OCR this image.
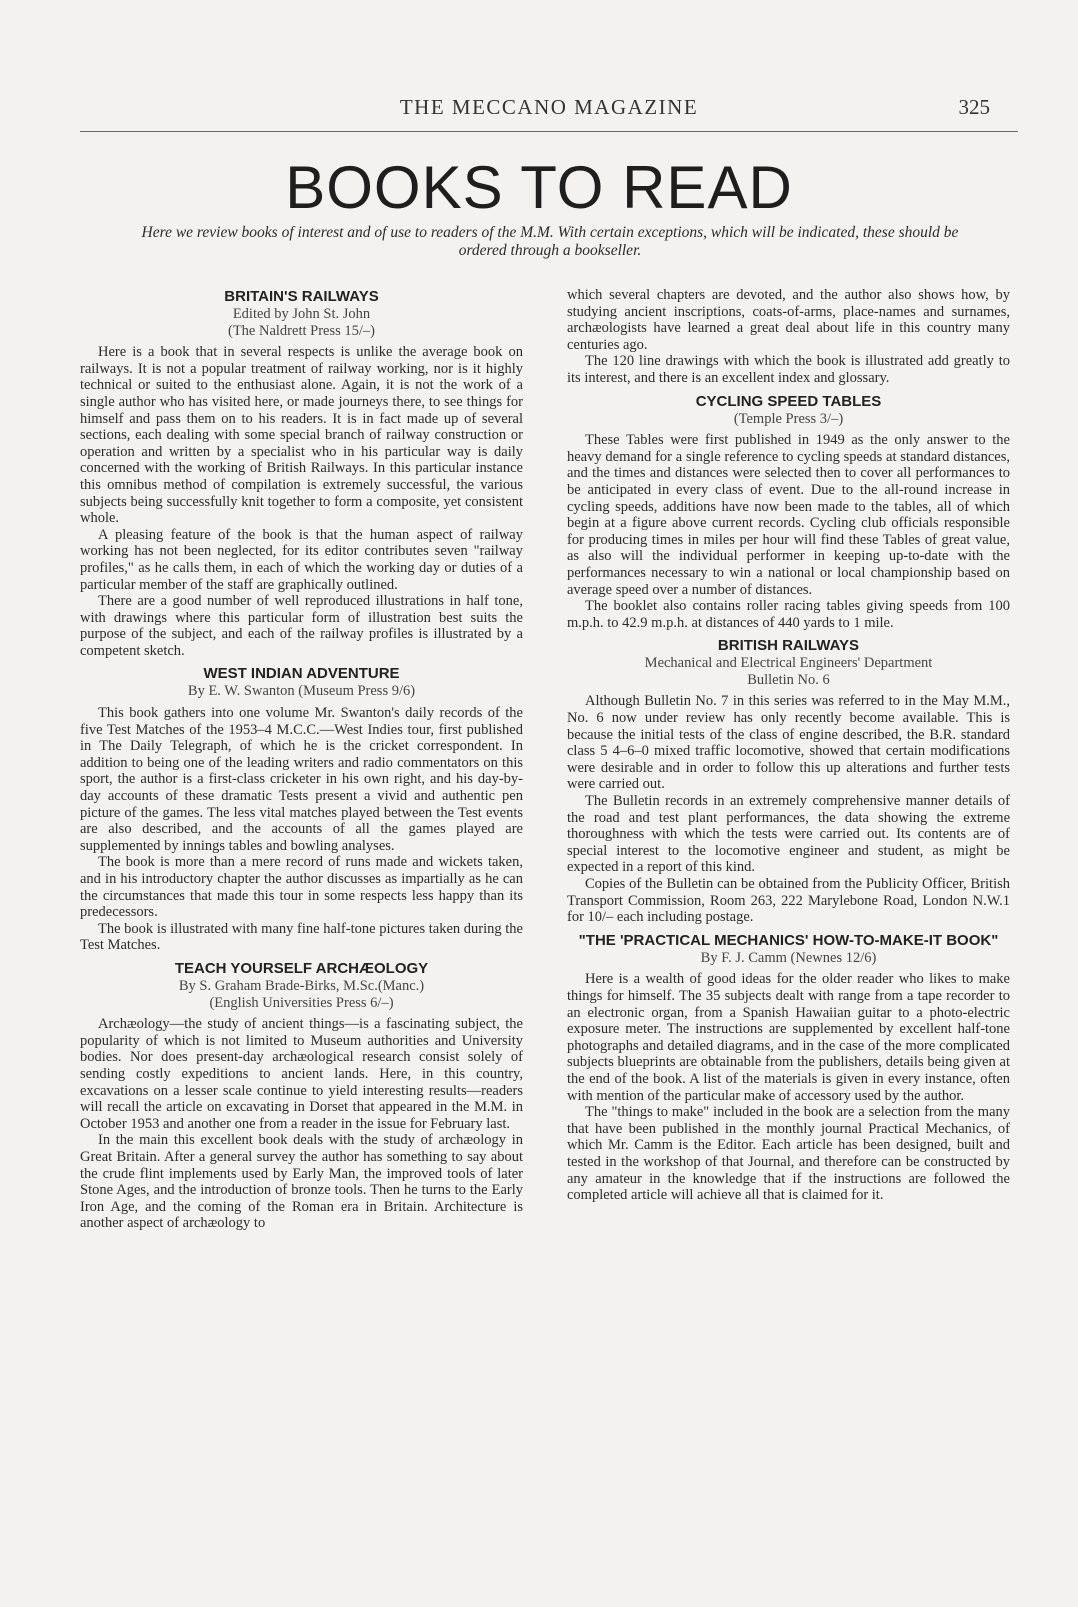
THE MECCANO MAGAZINE	325
BOOKS TO READ
Here we review books of interest and of use to readers of the M.M. With certain exceptions, which will be indicated, these should be ordered through a bookseller.
BRITAIN'S RAILWAYS
Edited by John St. John
(The Naldrett Press 15/–)

Here is a book that in several respects is unlike the average book on railways. It is not a popular treatment of railway working, nor is it highly technical or suited to the enthusiast alone. Again, it is not the work of a single author who has visited here, or made journeys there, to see things for himself and pass them on to his readers. It is in fact made up of several sections, each dealing with some special branch of railway construction or operation and written by a specialist who in his particular way is daily concerned with the working of British Railways. In this particular instance this omnibus method of compilation is extremely successful, the various subjects being successfully knit together to form a composite, yet consistent whole.

A pleasing feature of the book is that the human aspect of railway working has not been neglected, for its editor contributes seven "railway profiles," as he calls them, in each of which the working day or duties of a particular member of the staff are graphically outlined.

There are a good number of well reproduced illustrations in half tone, with drawings where this particular form of illustration best suits the purpose of the subject, and each of the railway profiles is illustrated by a competent sketch.

WEST INDIAN ADVENTURE
By E. W. Swanton (Museum Press 9/6)

This book gathers into one volume Mr. Swanton's daily records of the five Test Matches of the 1953–4 M.C.C.—West Indies tour, first published in The Daily Telegraph, of which he is the cricket correspondent. In addition to being one of the leading writers and radio commentators on this sport, the author is a first-class cricketer in his own right, and his day-by-day accounts of these dramatic Tests present a vivid and authentic pen picture of the games. The less vital matches played between the Test events are also described, and the accounts of all the games played are supplemented by innings tables and bowling analyses.

The book is more than a mere record of runs made and wickets taken, and in his introductory chapter the author discusses as impartially as he can the circumstances that made this tour in some respects less happy than its predecessors.

The book is illustrated with many fine half-tone pictures taken during the Test Matches.

TEACH YOURSELF ARCHÆOLOGY
By S. Graham Brade-Birks, M.Sc.(Manc.)
(English Universities Press 6/–)

Archæology—the study of ancient things—is a fascinating subject, the popularity of which is not limited to Museum authorities and University bodies. Nor does present-day archæological research consist solely of sending costly expeditions to ancient lands. Here, in this country, excavations on a lesser scale continue to yield interesting results—readers will recall the article on excavating in Dorset that appeared in the M.M. in October 1953 and another one from a reader in the issue for February last.

In the main this excellent book deals with the study of archæology in Great Britain. After a general survey the author has something to say about the crude flint implements used by Early Man, the improved tools of later Stone Ages, and the introduction of bronze tools. Then he turns to the Early Iron Age, and the coming of the Roman era in Britain. Architecture is another aspect of archæology to

which several chapters are devoted, and the author also shows how, by studying ancient inscriptions, coats-of-arms, place-names and surnames, archæologists have learned a great deal about life in this country many centuries ago.

The 120 line drawings with which the book is illustrated add greatly to its interest, and there is an excellent index and glossary.

CYCLING SPEED TABLES
(Temple Press 3/–)

These Tables were first published in 1949 as the only answer to the heavy demand for a single reference to cycling speeds at standard distances, and the times and distances were selected then to cover all performances to be anticipated in every class of event. Due to the all-round increase in cycling speeds, additions have now been made to the tables, all of which begin at a figure above current records. Cycling club officials responsible for producing times in miles per hour will find these Tables of great value, as also will the individual performer in keeping up-to-date with the performances necessary to win a national or local championship based on average speed over a number of distances.

The booklet also contains roller racing tables giving speeds from 100 m.p.h. to 42.9 m.p.h. at distances of 440 yards to 1 mile.

BRITISH RAILWAYS
Mechanical and Electrical Engineers' Department
Bulletin No. 6

Although Bulletin No. 7 in this series was referred to in the May M.M., No. 6 now under review has only recently become available. This is because the initial tests of the class of engine described, the B.R. standard class 5 4–6–0 mixed traffic locomotive, showed that certain modifications were desirable and in order to follow this up alterations and further tests were carried out.

The Bulletin records in an extremely comprehensive manner details of the road and test plant performances, the data showing the extreme thoroughness with which the tests were carried out. Its contents are of special interest to the locomotive engineer and student, as might be expected in a report of this kind.

Copies of the Bulletin can be obtained from the Publicity Officer, British Transport Commission, Room 263, 222 Marylebone Road, London N.W.1 for 10/– each including postage.

"THE 'PRACTICAL MECHANICS' HOW-TO-MAKE-IT BOOK"
By F. J. Camm (Newnes 12/6)

Here is a wealth of good ideas for the older reader who likes to make things for himself. The 35 subjects dealt with range from a tape recorder to an electronic organ, from a Spanish Hawaiian guitar to a photo-electric exposure meter. The instructions are supplemented by excellent half-tone photographs and detailed diagrams, and in the case of the more complicated subjects blueprints are obtainable from the publishers, details being given at the end of the book. A list of the materials is given in every instance, often with mention of the particular make of accessory used by the author.

The "things to make" included in the book are a selection from the many that have been published in the monthly journal Practical Mechanics, of which Mr. Camm is the Editor. Each article has been designed, built and tested in the workshop of that Journal, and therefore can be constructed by any amateur in the knowledge that if the instructions are followed the completed article will achieve all that is claimed for it.
